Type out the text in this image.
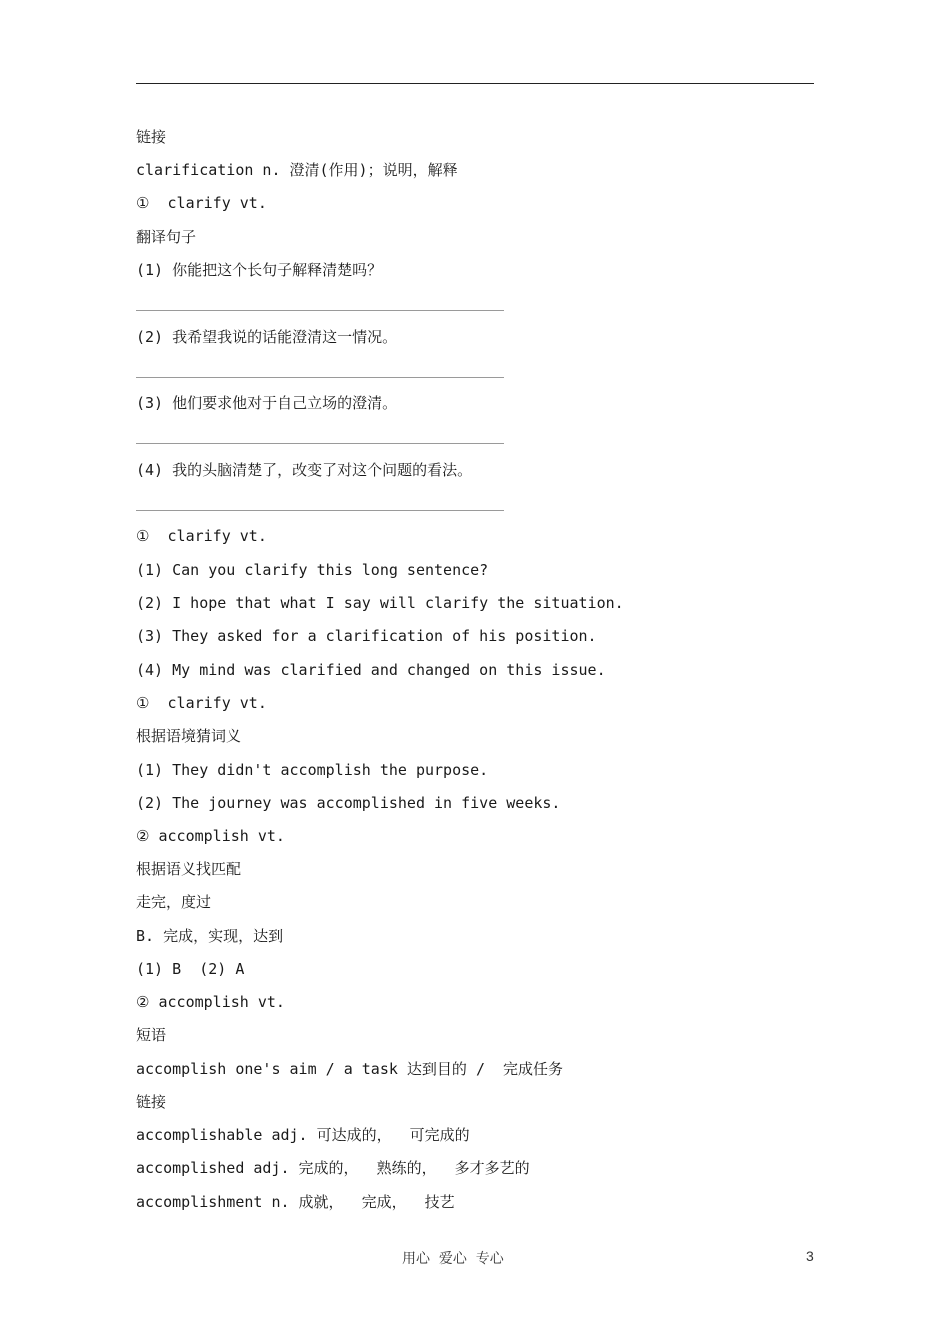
链接
clarification n. 澄清(作用)；说明，解释
①  clarify vt.
翻译句子
(1) 你能把这个长句子解释清楚吗？
(2) 我希望我说的话能澄清这一情况。
(3) 他们要求他对于自己立场的澄清。
(4) 我的头脑清楚了，改变了对这个问题的看法。
①  clarify vt.
(1) Can you clarify this long sentence?
(2) I hope that what I say will clarify the situation.
(3) They asked for a clarification of his position.
(4) My mind was clarified and changed on this issue.
①  clarify vt.
根据语境猜词义
(1) They didn't accomplish the purpose.
(2) The journey was accomplished in five weeks.
② accomplish vt.
根据语义找匹配
走完，度过
B. 完成，实现，达到
(1) B  (2) A
② accomplish vt.
短语
accomplish one's aim / a task 达到目的 /  完成任务
链接
accomplishable adj. 可达成的，  可完成的
accomplished adj. 完成的，  熟练的，  多才多艺的
accomplishment n. 成就，  完成，  技艺
用心  爱心  专心	3
